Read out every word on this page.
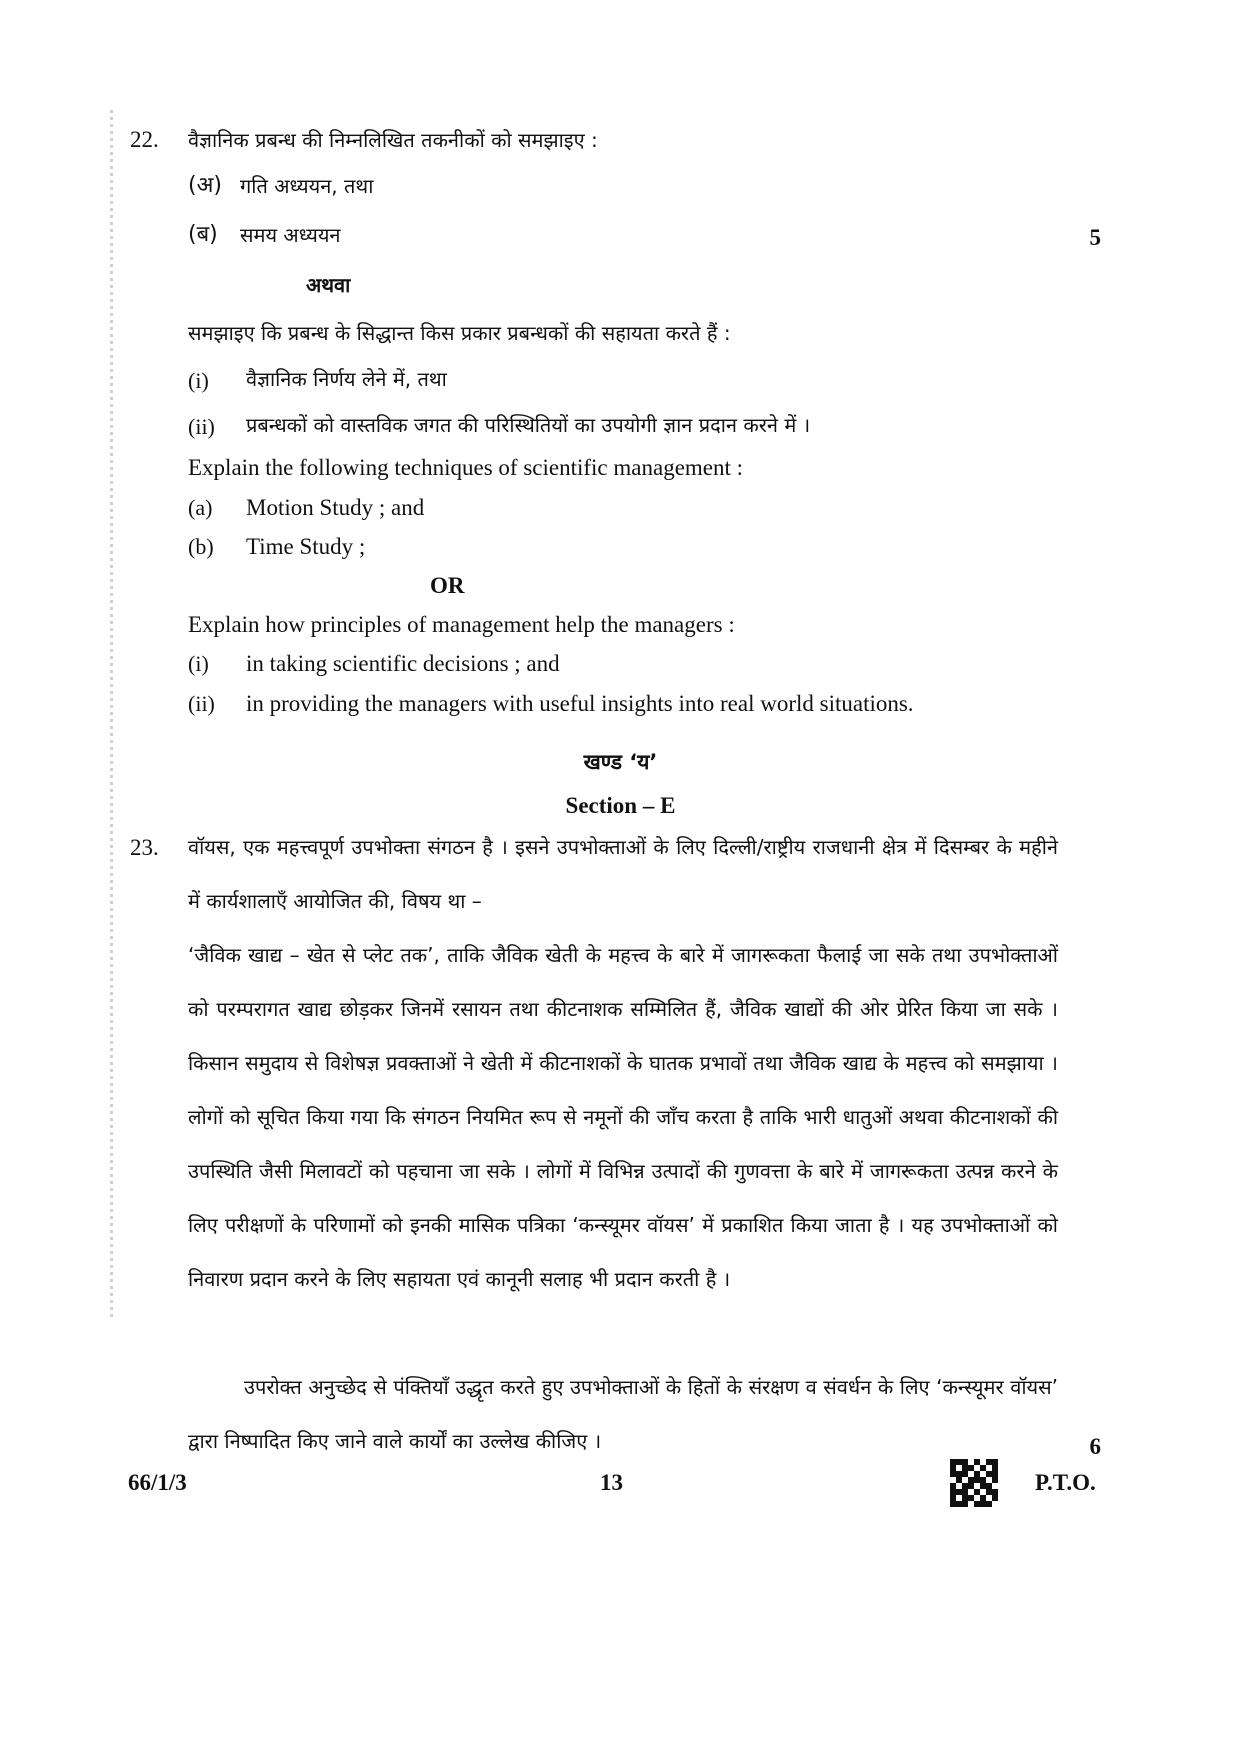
22. वैज्ञानिक प्रबन्ध की निम्नलिखित तकनीकों को समझाइए :
(अ) गति अध्ययन, तथा
(ब) समय अध्ययन	5
अथवा
समझाइए कि प्रबन्ध के सिद्धान्त किस प्रकार प्रबन्धकों की सहायता करते हैं :
(i) वैज्ञानिक निर्णय लेने में, तथा
(ii) प्रबन्धकों को वास्तविक जगत की परिस्थितियों का उपयोगी ज्ञान प्रदान करने में ।
Explain the following techniques of scientific management :
(a) Motion Study ; and
(b) Time Study ;
OR
Explain how principles of management help the managers :
(i) in taking scientific decisions ; and
(ii) in providing the managers with useful insights into real world situations.
खण्ड ‘य’
Section – E
23. वॉयस, एक महत्त्वपूर्ण उपभोक्ता संगठन है । इसने उपभोक्ताओं के लिए दिल्ली/राष्ट्रीय राजधानी क्षेत्र में दिसम्बर के महीने में कार्यशालाएँ आयोजित की, विषय था –
‘जैविक खाद्य – खेत से प्लेट तक’, ताकि जैविक खेती के महत्त्व के बारे में जागरूकता फैलाई जा सके तथा उपभोक्ताओं को परम्परागत खाद्य छोड़कर जिनमें रसायन तथा कीटनाशक सम्मिलित हैं, जैविक खाद्यों की ओर प्रेरित किया जा सके । किसान समुदाय से विशेषज्ञ प्रवक्ताओं ने खेती में कीटनाशकों के घातक प्रभावों तथा जैविक खाद्य के महत्त्व को समझाया । लोगों को सूचित किया गया कि संगठन नियमित रूप से नमूनों की जाँच करता है ताकि भारी धातुओं अथवा कीटनाशकों की उपस्थिति जैसी मिलावटों को पहचाना जा सके । लोगों में विभिन्न उत्पादों की गुणवत्ता के बारे में जागरूकता उत्पन्न करने के लिए परीक्षणों के परिणामों को इनकी मासिक पत्रिका ‘कन्स्यूमर वॉयस’ में प्रकाशित किया जाता है । यह उपभोक्ताओं को निवारण प्रदान करने के लिए सहायता एवं कानूनी सलाह भी प्रदान करती है ।
उपरोक्त अनुच्छेद से पंक्तियाँ उद्धृत करते हुए उपभोक्ताओं के हितों के संरक्षण व संवर्धन के लिए ‘कन्स्यूमर वॉयस’ द्वारा निष्पादित किए जाने वाले कार्यों का उल्लेख कीजिए ।	6
66/1/3	13	P.T.O.
